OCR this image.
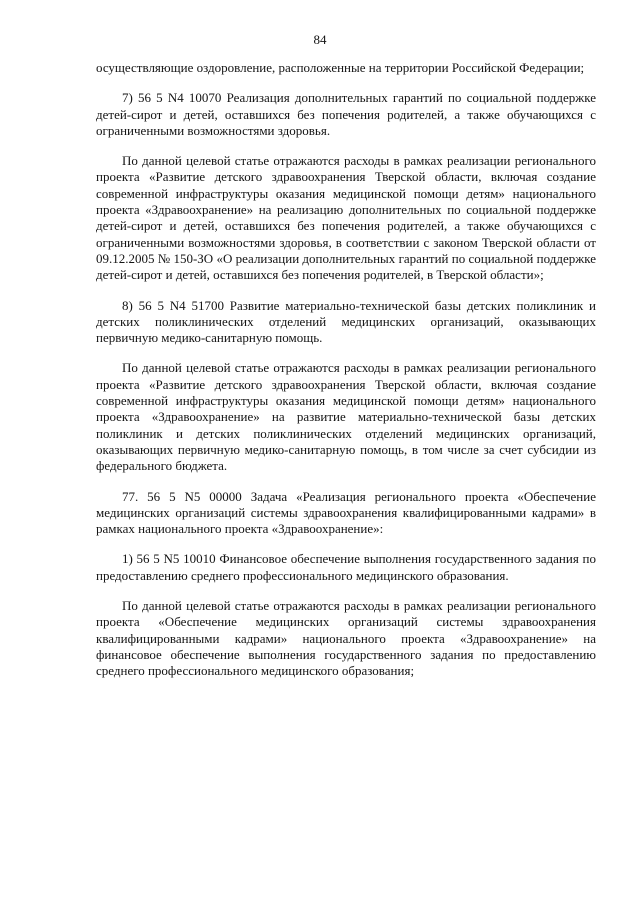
84

осуществляющие оздоровление, расположенные на территории Российской Федерации;

7) 56 5 N4 10070 Реализация дополнительных гарантий по социальной поддержке детей-сирот и детей, оставшихся без попечения родителей, а также обучающихся с ограниченными возможностями здоровья.

По данной целевой статье отражаются расходы в рамках реализации регионального проекта «Развитие детского здравоохранения Тверской области, включая создание современной инфраструктуры оказания медицинской помощи детям» национального проекта «Здравоохранение» на реализацию дополнительных по социальной поддержке детей-сирот и детей, оставшихся без попечения родителей, а также обучающихся с ограниченными возможностями здоровья, в соответствии с законом Тверской области от 09.12.2005 № 150-ЗО «О реализации дополнительных гарантий по социальной поддержке детей-сирот и детей, оставшихся без попечения родителей, в Тверской области»;

8) 56 5 N4 51700 Развитие материально-технической базы детских поликлиник и детских поликлинических отделений медицинских организаций, оказывающих первичную медико-санитарную помощь.

По данной целевой статье отражаются расходы в рамках реализации регионального проекта «Развитие детского здравоохранения Тверской области, включая создание современной инфраструктуры оказания медицинской помощи детям» национального проекта «Здравоохранение» на развитие материально-технической базы детских поликлиник и детских поликлинических отделений медицинских организаций, оказывающих первичную медико-санитарную помощь, в том числе за счет субсидии из федерального бюджета.

77. 56 5 N5 00000 Задача «Реализация регионального проекта «Обеспечение медицинских организаций системы здравоохранения квалифицированными кадрами» в рамках национального проекта «Здравоохранение»:

1) 56 5 N5 10010 Финансовое обеспечение выполнения государственного задания по предоставлению среднего профессионального медицинского образования.

По данной целевой статье отражаются расходы в рамках реализации регионального проекта «Обеспечение медицинских организаций системы здравоохранения квалифицированными кадрами» национального проекта «Здравоохранение» на финансовое обеспечение выполнения государственного задания по предоставлению среднего профессионального медицинского образования;
